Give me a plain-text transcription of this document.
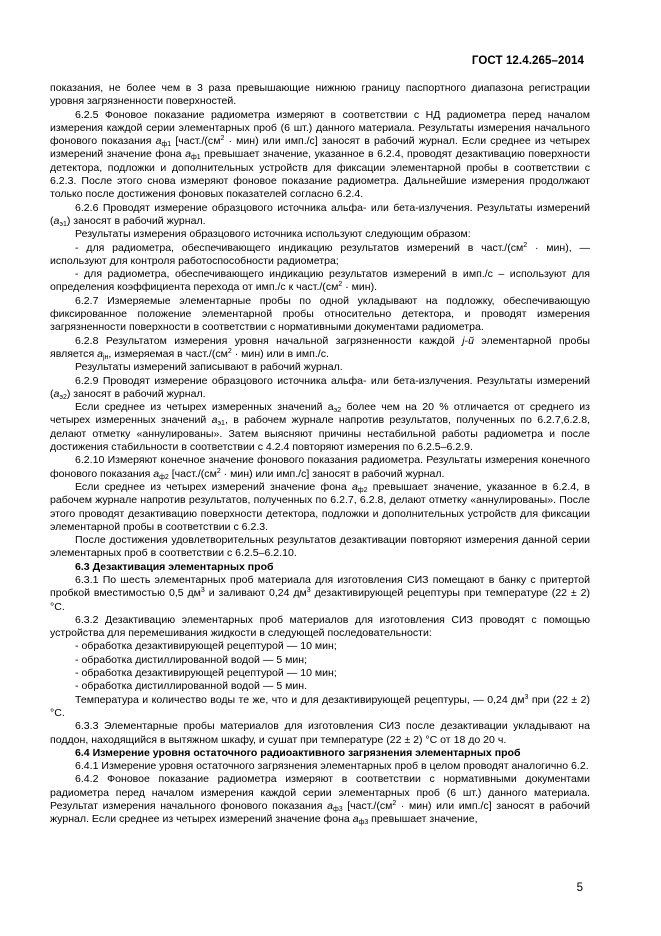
ГОСТ 12.4.265–2014

показания, не более чем в 3 раза превышающие нижнюю границу паспортного диапазона регистрации уровня загрязненности поверхностей.

6.2.5 Фоновое показание радиометра измеряют в соответствии с НД радиометра перед началом измерения каждой серии элементарных проб (6 шт.) данного материала. Результаты измерения начального фонового показания $а_{ф1}$ [$част./(см^2 \cdot мин)$ или имп./с] заносят в рабочий журнал. Если среднее из четырех измерений значение фона $а_{ф1}$ превышает значение, указанное в 6.2.4, проводят дезактивацию поверхности детектора, подложки и дополнительных устройств для фиксации элементарной пробы в соответствии с 6.2.3. После этого снова измеряют фоновое показание радиометра. Дальнейшие измерения продолжают только после достижения фоновых показателей согласно 6.2.4.

6.2.6 Проводят измерение образцового источника альфа- или бета-излучения. Результаты измерений $(а_{э1})$ заносят в рабочий журнал.

Результаты измерения образцового источника используют следующим образом:

- для радиометра, обеспечивающего индикацию результатов измерений в $част./(см^2 \cdot мин)$, — используют для контроля работоспособности радиометра;

- для радиометра, обеспечивающего индикацию результатов измерений в имп./с – используют для определения коэффициента перехода от имп./с к $част./(см^2 \cdot мин)$.

6.2.7 Измеряемые элементарные пробы по одной укладывают на подложку, обеспечивающую фиксированное положение элементарной пробы относительно детектора, и проводят измерения загрязненности поверхности в соответствии с нормативными документами радиометра.

6.2.8 Результатом измерения уровня начальной загрязненности каждой j-й элементарной пробы является $а_{jн}$, измеряемая в $част./(см^2 \cdot мин)$ или в имп./с.

Результаты измерений записывают в рабочий журнал.

6.2.9 Проводят измерение образцового источника альфа- или бета-излучения. Результаты измерений $(а_{э2})$ заносят в рабочий журнал.

Если среднее из четырех измеренных значений $а_{э2}$ более чем на 20 % отличается от среднего из четырех измеренных значений $а_{э1}$, в рабочем журнале напротив результатов, полученных по 6.2.7,6.2.8, делают отметку «аннулированы». Затем выясняют причины нестабильной работы радиометра и после достижения стабильности в соответствии с 4.2.4 повторяют измерения по 6.2.5–6.2.9.

6.2.10 Измеряют конечное значение фонового показания радиометра. Результаты измерения конечного фонового показания $а_{ф2}$ [$част./(см^2 \cdot мин)$ или имп./с] заносят в рабочий журнал.

Если среднее из четырех измерений значение фона $а_{ф2}$ превышает значение, указанное в 6.2.4, в рабочем журнале напротив результатов, полученных по 6.2.7, 6.2.8, делают отметку «аннулированы». После этого проводят дезактивацию поверхности детектора, подложки и дополнительных устройств для фиксации элементарной пробы в соответствии с 6.2.3.

После достижения удовлетворительных результатов дезактивации повторяют измерения данной серии элементарных проб в соответствии с 6.2.5–6.2.10.

6.3 Дезактивация элементарных проб

6.3.1 По шесть элементарных проб материала для изготовления СИЗ помещают в банку с притертой пробкой вместимостью 0,5 $дм^3$ и заливают 0,24 $дм^3$ дезактивирующей рецептуры при температуре (22 ± 2) °С.

6.3.2 Дезактивацию элементарных проб материалов для изготовления СИЗ проводят с помощью устройства для перемешивания жидкости в следующей последовательности:

- обработка дезактивирующей рецептурой — 10 мин;

- обработка дистиллированной водой — 5 мин;

- обработка дезактивирующей рецептурой — 10 мин;

- обработка дистиллированной водой — 5 мин.

Температура и количество воды те же, что и для дезактивирующей рецептуры, — 0,24 $дм^3$ при (22 ± 2) °С.

6.3.3 Элементарные пробы материалов для изготовления СИЗ после дезактивации укладывают на поддон, находящийся в вытяжном шкафу, и сушат при температуре (22 ± 2) °С от 18 до 20 ч.

6.4 Измерение уровня остаточного радиоактивного загрязнения элементарных проб

6.4.1 Измерение уровня остаточного загрязнения элементарных проб в целом проводят аналогично 6.2.

6.4.2 Фоновое показание радиометра измеряют в соответствии с нормативными документами радиометра перед началом измерения каждой серии элементарных проб (6 шт.) данного материала. Результат измерения начального фонового показания $а_{ф3}$ [$част./(см^2 \cdot мин)$ или имп./с] заносят в рабочий журнал. Если среднее из четырех измерений значение фона $а_{ф3}$ превышает значение,

5
